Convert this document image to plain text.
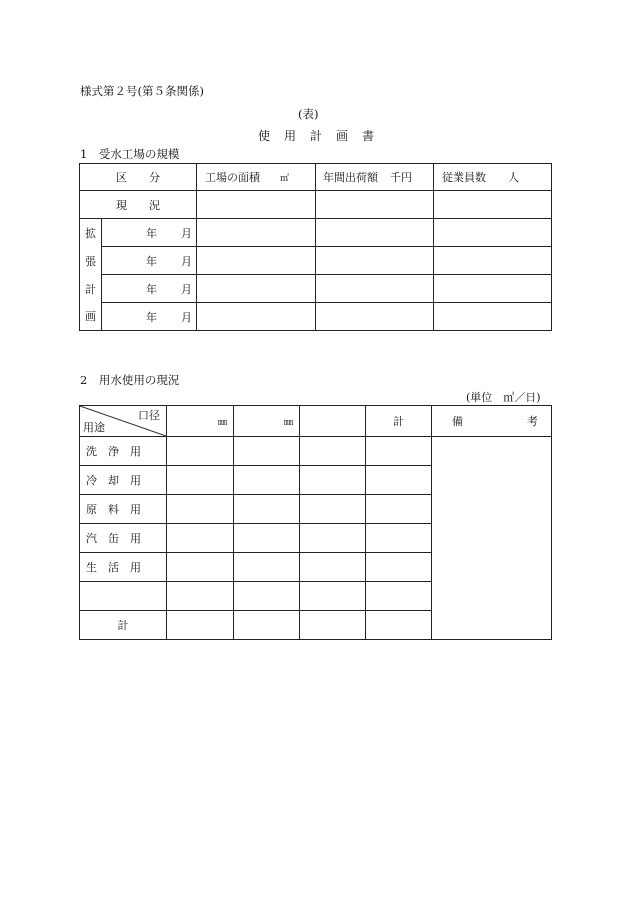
様式第２号(第５条関係)
(表)
使　用　計　画　書
1　受水工場の規模
区　　分		工場の面積 ㎡	年間出荷額 千円	従業員数 人
現　　況				
拡	年 月			
張	年 月			
計	年 月			
画	年 月			
2　用水使用の現況
(単位　㎥／日)
口径
用途	㎜	㎜		計	備 考
洗　浄　用					
冷　却　用					
原　料　用					
汽　缶　用					
生　活　用					

計					
